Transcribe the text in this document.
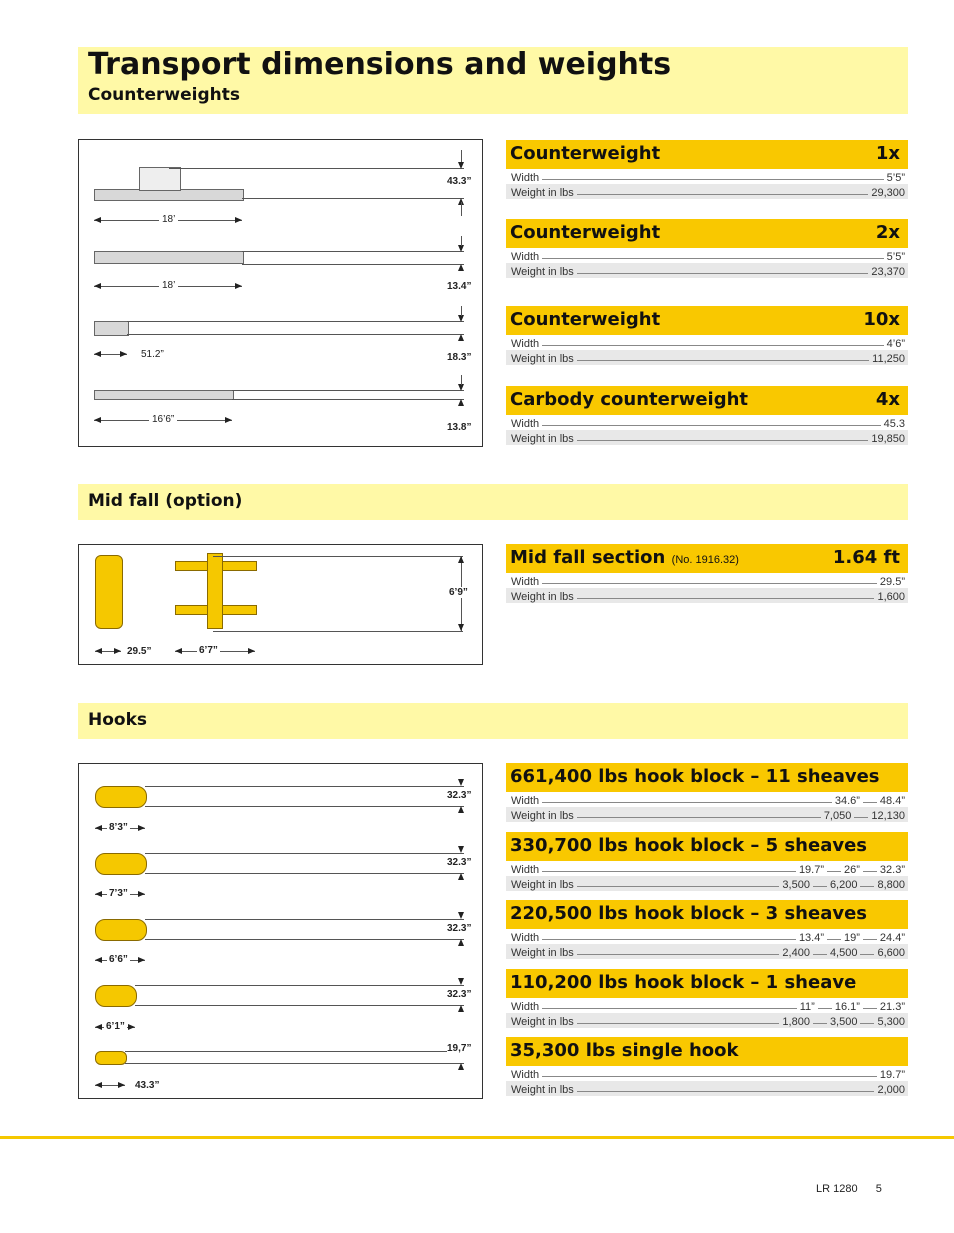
Transport dimensions and weights
Counterweights
43.3”
18’
13.4”
18’
18.3”
51.2”
13.8”
16’6”
Counterweight	1x
Width	5’5”
Weight in lbs	29,300
Counterweight	2x
Width	5’5”
Weight in lbs	23,370
Counterweight	10x
Width	4’6”
Weight in lbs	11,250
Carbody counterweight	4x
Width	45.3
Weight in lbs	19,850
Mid fall (option)
6’9”
29.5”	6’7”
Mid fall section (No. 1916.32)	1.64 ft
Width	29.5”
Weight in lbs	1,600
Hooks
32.3”
8’3”
32.3”
7’3”
32.3”
6’6”
32.3”
6’1”
19,7”
43.3”
661,400 lbs hook block – 11 sheaves
Width	34.6” 48.4”
Weight in lbs	7,050 12,130
330,700 lbs hook block – 5 sheaves
Width	19.7” 26” 32.3”
Weight in lbs	3,500 6,200 8,800
220,500 lbs hook block – 3 sheaves
Width	13.4” 19” 24.4”
Weight in lbs	2,400 4,500 6,600
110,200 lbs hook block – 1 sheave
Width	11” 16.1” 21.3”
Weight in lbs	1,800 3,500 5,300
35,300 lbs single hook
Width	19.7”
Weight in lbs	2,000
LR 1280 5
